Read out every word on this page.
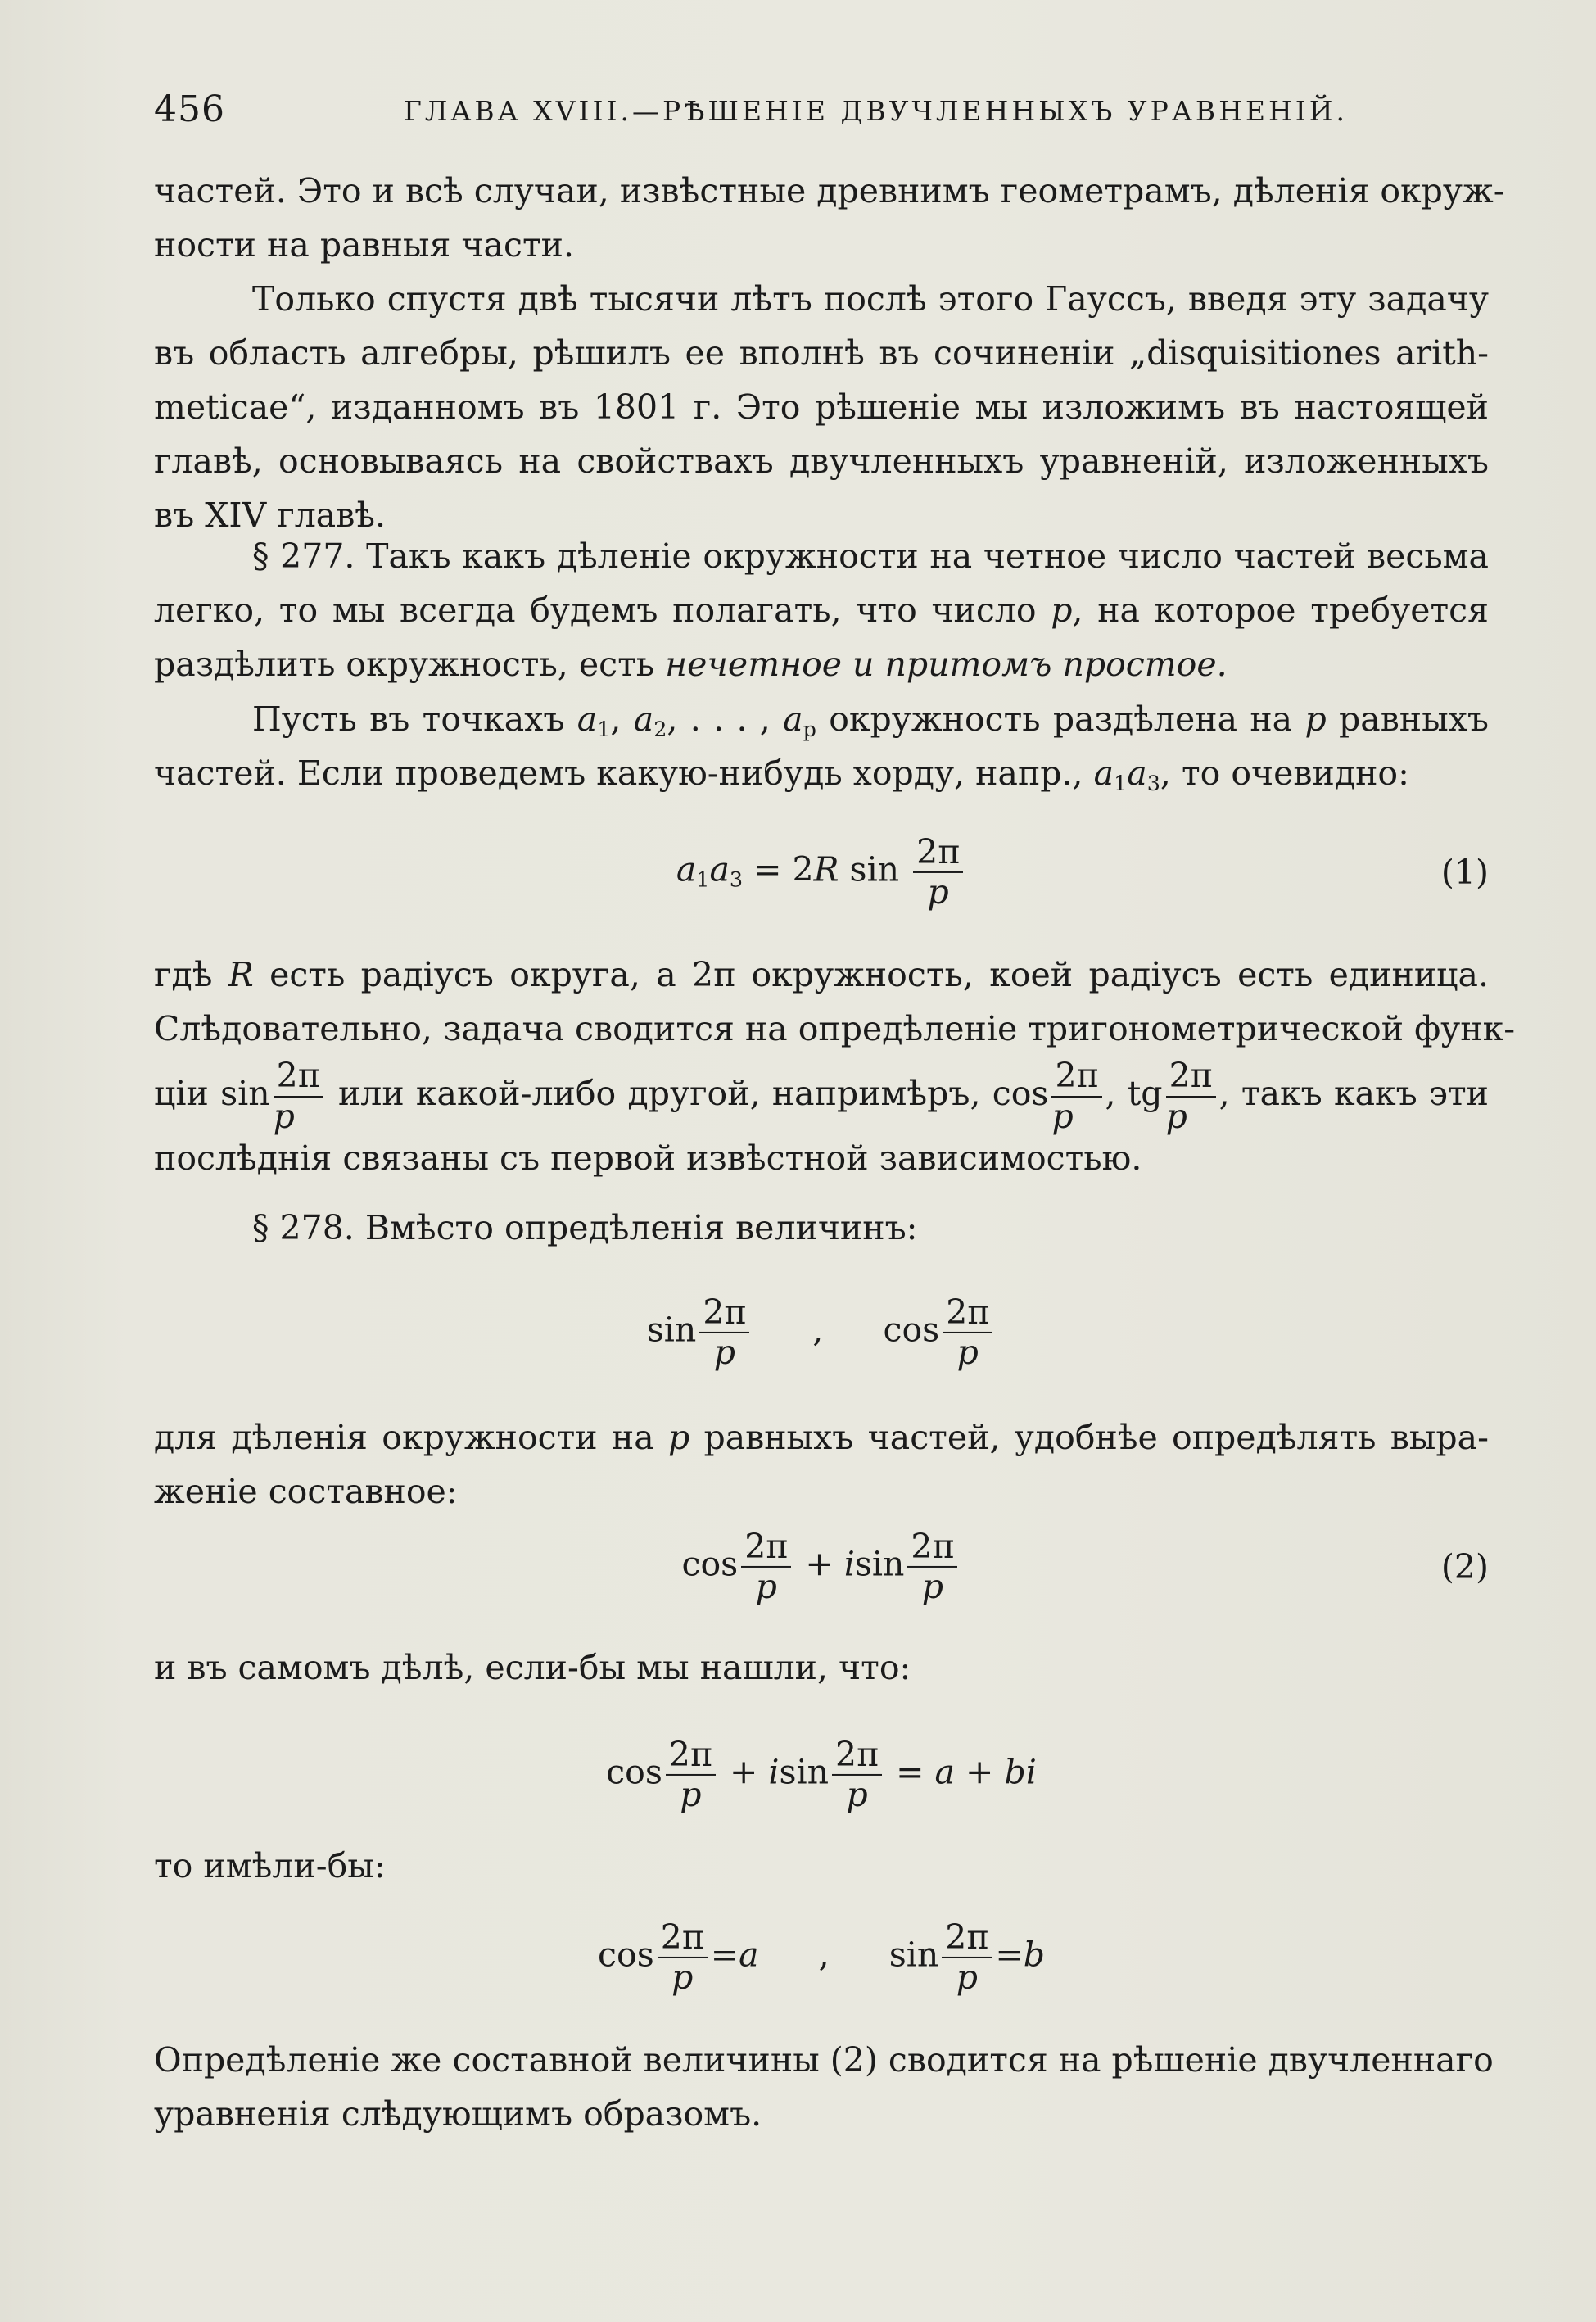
456	ГЛАВА XVIII.—РѢШЕНІЕ ДВУЧЛЕННЫХЪ УРАВНЕНІЙ.
частей. Это и всѣ случаи, извѣстные древнимъ геометрамъ, дѣленія окруж-
ности на равныя части.
Только спустя двѣ тысячи лѣтъ послѣ этого Гауссъ, введя эту задачу
въ область алгебры, рѣшилъ ее вполнѣ въ сочиненіи „disquisitiones arith-
meticae“, изданномъ въ 1801 г. Это рѣшеніе мы изложимъ въ настоящей
главѣ, основываясь на свойствахъ двучленныхъ уравненій, изложенныхъ
въ XIV главѣ.
§ 277. Такъ какъ дѣленіе окружности на четное число частей весьма
легко, то мы всегда будемъ полагать, что число p, на которое требуется
раздѣлить окружность, есть нечетное и притомъ простое.
Пусть въ точкахъ $a_1$, $a_2$, . . . , $a_p$ окружность раздѣлена на p равныхъ
частей. Если проведемъ какую-нибудь хорду, напр., $a_1a_3$, то очевидно:
$a_1a_3 = 2R$ $\sin \frac{2\pi}{p}$	(1)
гдѣ R есть радіусъ округа, а 2π окружность, коей радіусъ есть единица.
Слѣдовательно, задача сводится на опредѣленіе тригонометрической функ-
ціи $\sin \frac{2\pi}{p}$ или какой-либо другой, напримѣръ, $\cos \frac{2\pi}{p}$ , tg $\frac{2\pi}{p}$ , такъ какъ эти
послѣднія связаны съ первой извѣстной зависимостью.
§ 278. Вмѣсто опредѣленія величинъ:
$\sin \frac{2\pi}{p}$ , $\cos \frac{2\pi}{p}$
для дѣленія окружности на p равныхъ частей, удобнѣе опредѣлять выра-
женіе составное:
$\cos \frac{2\pi}{p} + isin \frac{2\pi}{p}$	(2)
и въ самомъ дѣлѣ, если-бы мы нашли, что:
$\cos \frac{2\pi}{p} + isin \frac{2\pi}{p} = a$ + bi
то имѣли-бы:
$\cos \frac{2\pi}{p} =a$ , $\sin \frac{2\pi}{p} =b$
Опредѣленіе же составной величины (2) сводится на рѣшеніе двучленнаго
уравненія слѣдующимъ образомъ.
